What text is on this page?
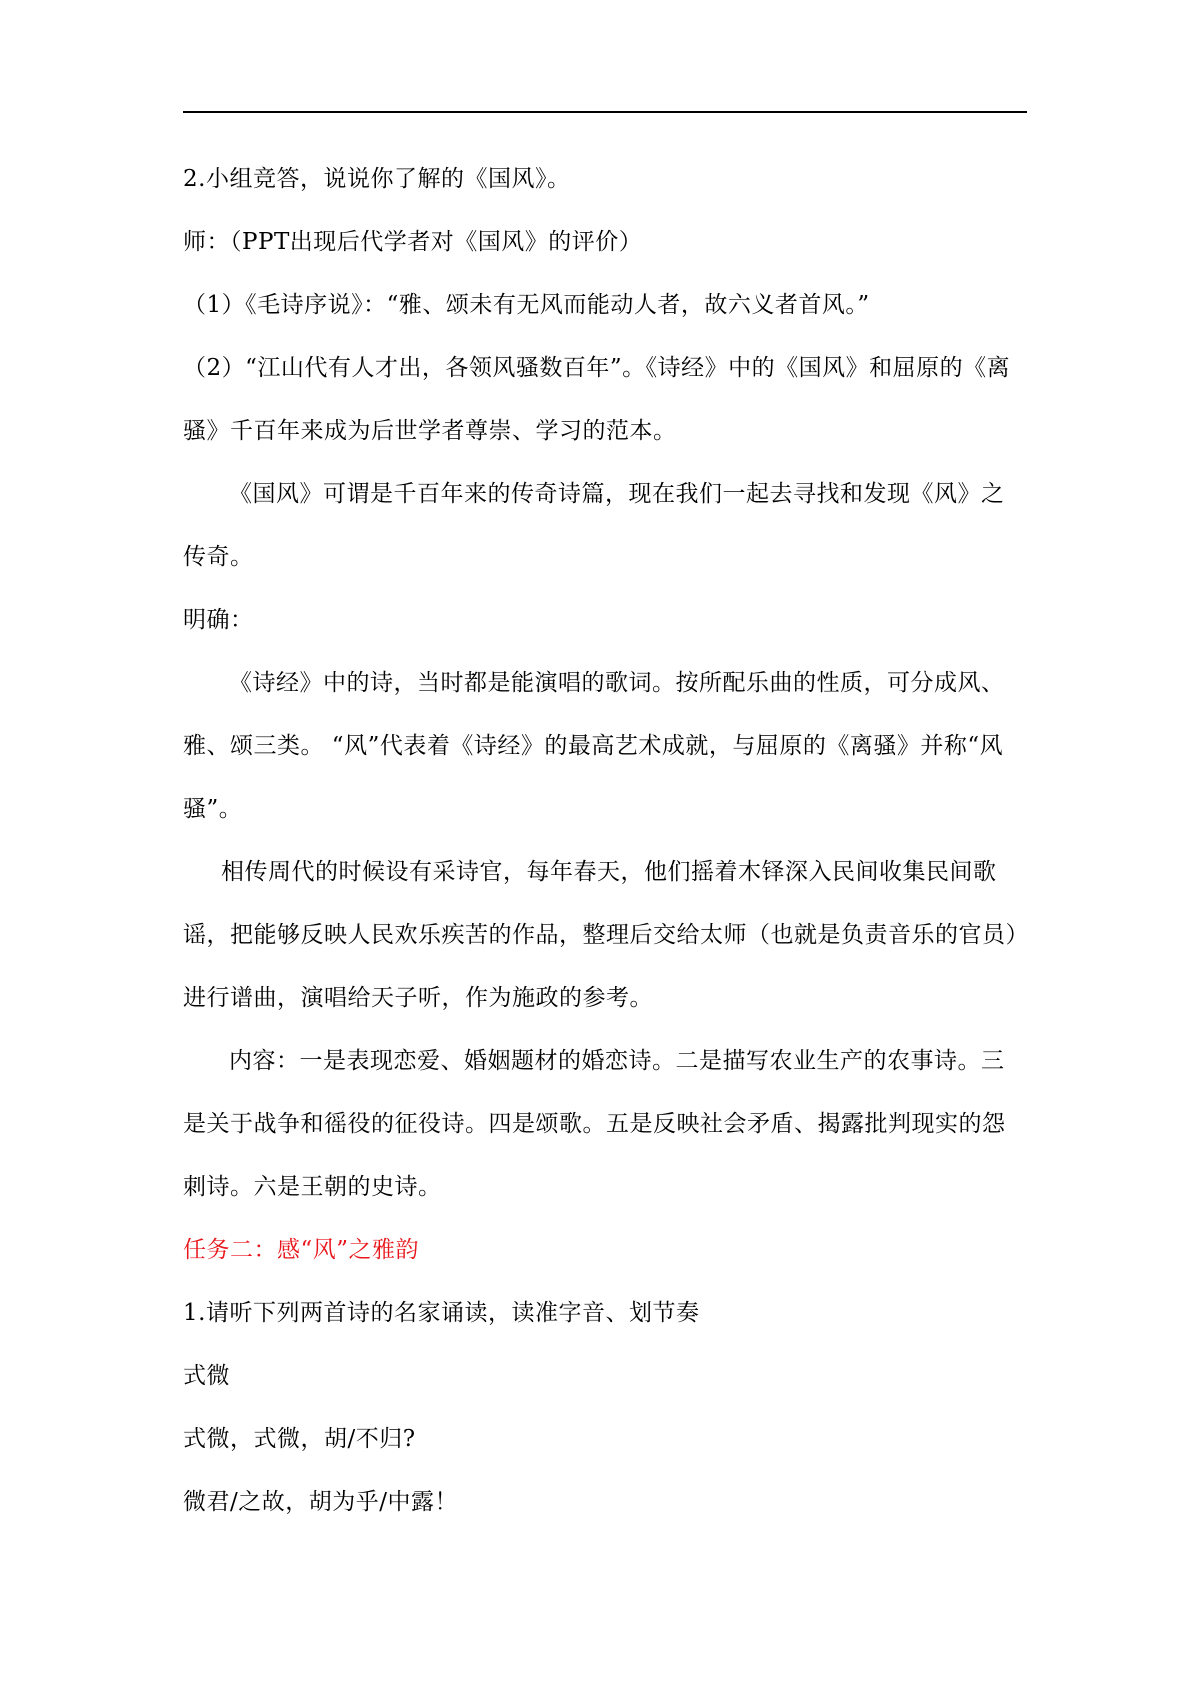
2.小组竞答，说说你了解的《国风》。

师：（PPT出现后代学者对《国风》的评价）

（1）《毛诗序说》：“雅、颂未有无风而能动人者，故六义者首风。”

（2）“江山代有人才出，各领风骚数百年”。《诗经》中的《国风》和屈原的《离骚》千百年来成为后世学者尊崇、学习的范本。

《国风》可谓是千百年来的传奇诗篇，现在我们一起去寻找和发现《风》之传奇。

明确：

《诗经》中的诗，当时都是能演唱的歌词。按所配乐曲的性质，可分成风、雅、颂三类。 “风”代表着《诗经》的最高艺术成就，与屈原的《离骚》并称“风骚”。

相传周代的时候设有采诗官，每年春天，他们摇着木铎深入民间收集民间歌谣，把能够反映人民欢乐疾苦的作品，整理后交给太师（也就是负责音乐的官员）进行谱曲，演唱给天子听，作为施政的参考。

内容：一是表现恋爱、婚姻题材的婚恋诗。二是描写农业生产的农事诗。三是关于战争和徭役的征役诗。四是颂歌。五是反映社会矛盾、揭露批判现实的怨刺诗。六是王朝的史诗。

任务二：感“风”之雅韵

1.请听下列两首诗的名家诵读，读准字音、划节奏

式微

式微，式微，胡/不归?

微君/之故，胡为乎/中露！
